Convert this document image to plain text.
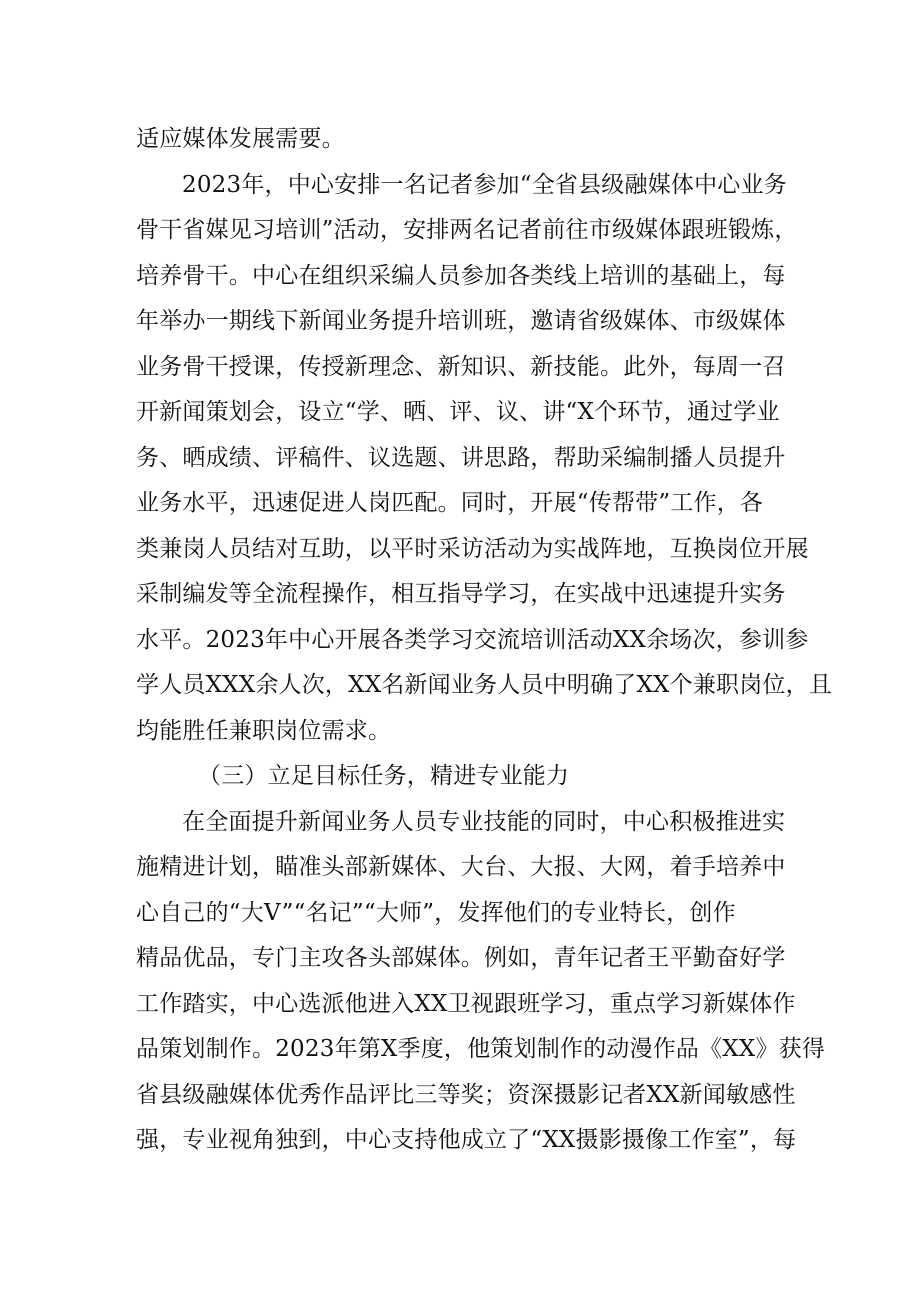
适应媒体发展需要。
2023年，中心安排一名记者参加“全省县级融媒体中心业务
骨干省媒见习培训”活动，安排两名记者前往市级媒体跟班锻炼，
培养骨干。中心在组织采编人员参加各类线上培训的基础上，每
年举办一期线下新闻业务提升培训班，邀请省级媒体、市级媒体
业务骨干授课，传授新理念、新知识、新技能。此外，每周一召
开新闻策划会，设立“学、晒、评、议、讲“X个环节，通过学业
务、晒成绩、评稿件、议选题、讲思路，帮助采编制播人员提升
业务水平，迅速促进人岗匹配。同时，开展“传帮带”工作，各
类兼岗人员结对互助，以平时采访活动为实战阵地，互换岗位开展
采制编发等全流程操作，相互指导学习，在实战中迅速提升实务
水平。2023年中心开展各类学习交流培训活动XX余场次，参训参
学人员XXX余人次，XX名新闻业务人员中明确了XX个兼职岗位，且
均能胜任兼职岗位需求。
（三）立足目标任务，精进专业能力
在全面提升新闻业务人员专业技能的同时，中心积极推进实
施精进计划，瞄准头部新媒体、大台、大报、大网，着手培养中
心自己的“大V”“名记”“大师”，发挥他们的专业特长，创作
精品优品，专门主攻各头部媒体。例如，青年记者王平勤奋好学
工作踏实，中心选派他进入XX卫视跟班学习，重点学习新媒体作
品策划制作。2023年第X季度，他策划制作的动漫作品《XX》获得
省县级融媒体优秀作品评比三等奖；资深摄影记者XX新闻敏感性
强，专业视角独到，中心支持他成立了“XX摄影摄像工作室”，每
